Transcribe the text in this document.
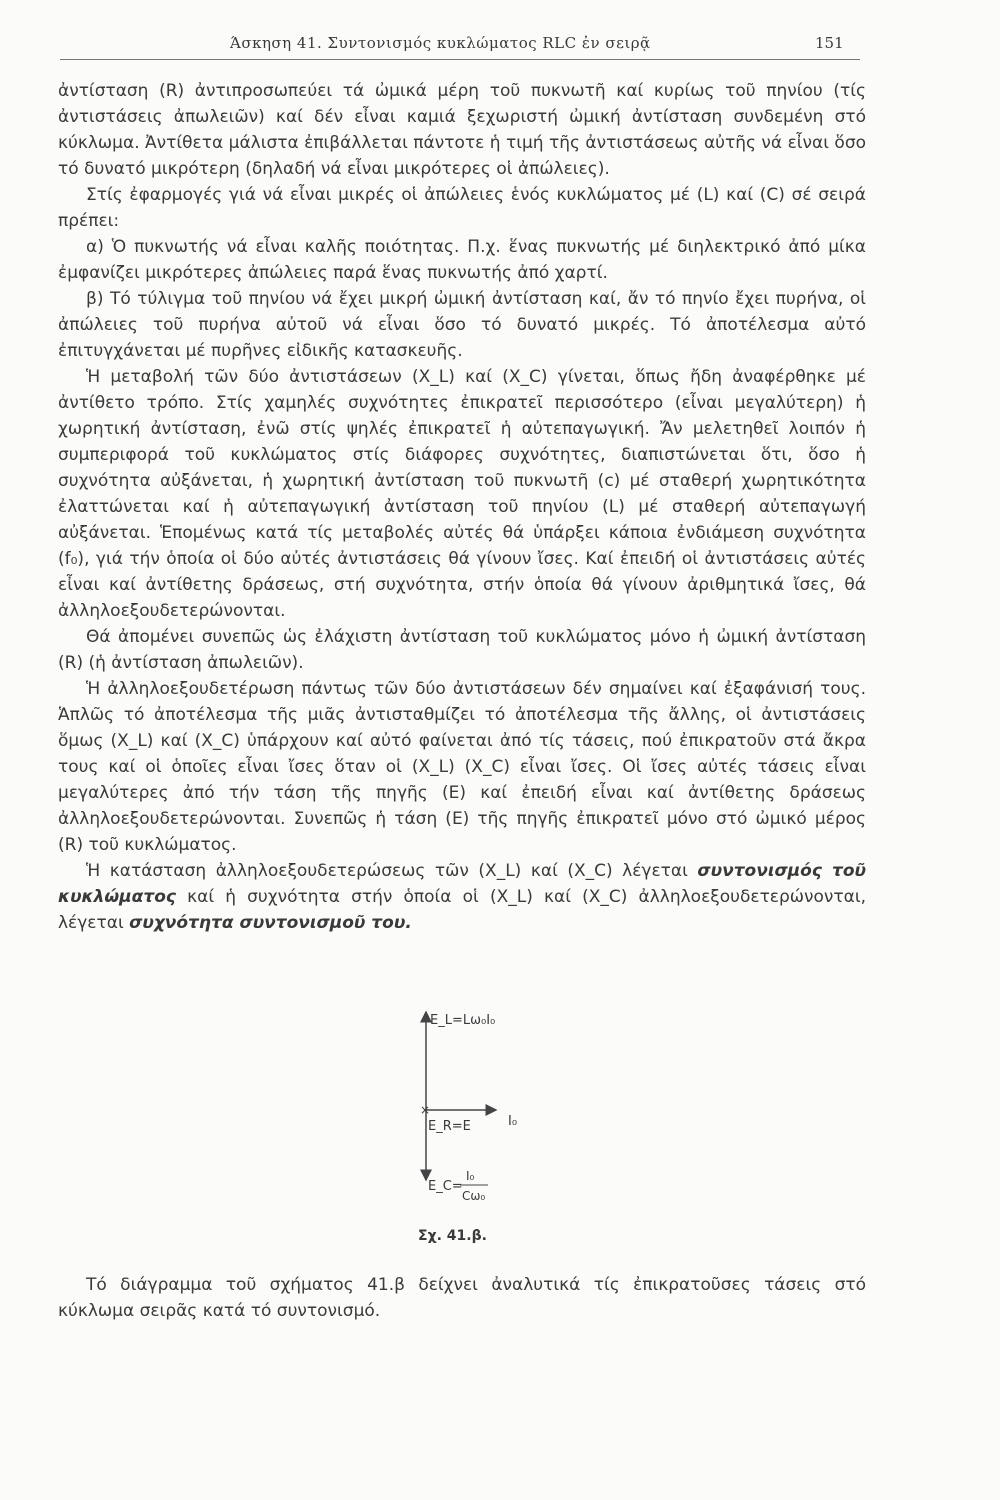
Άσκηση 41. Συντονισμός κυκλώματος RLC ἐν σειρᾷ	151

ἀντίσταση (R) ἀντιπροσωπεύει τά ὠμικά μέρη τοῦ πυκνωτῆ καί κυρίως τοῦ πηνίου (τίς ἀντιστάσεις ἀπωλειῶν) καί δέν εἶναι καμιά ξεχωριστή ὠμική ἀντίσταση συνδεμένη στό κύκλωμα. Ἀντίθετα μάλιστα ἐπιβάλλεται πάντοτε ἡ τιμή τῆς ἀντιστάσεως αὐτῆς νά εἶναι ὅσο τό δυνατό μικρότερη (δηλαδή νά εἶναι μικρότερες οἱ ἀπώλειες).

Στίς ἐφαρμογές γιά νά εἶναι μικρές οἱ ἀπώλειες ἑνός κυκλώματος μέ (L) καί (C) σέ σειρά πρέπει:

α) Ὁ πυκνωτής νά εἶναι καλῆς ποιότητας. Π.χ. ἕνας πυκνωτής μέ διηλεκτρικό ἀπό μίκα ἐμφανίζει μικρότερες ἀπώλειες παρά ἕνας πυκνωτής ἀπό χαρτί.

β) Τό τύλιγμα τοῦ πηνίου νά ἔχει μικρή ὠμική ἀντίσταση καί, ἄν τό πηνίο ἔχει πυρήνα, οἱ ἀπώλειες τοῦ πυρήνα αὐτοῦ νά εἶναι ὅσο τό δυνατό μικρές. Τό ἀποτέλεσμα αὐτό ἐπιτυγχάνεται μέ πυρῆνες εἰδικῆς κατασκευῆς.

Ἡ μεταβολή τῶν δύο ἀντιστάσεων (X_L) καί (X_C) γίνεται, ὅπως ἤδη ἀναφέρθηκε μέ ἀντίθετο τρόπο. Στίς χαμηλές συχνότητες ἐπικρατεῖ περισσότερο (εἶναι μεγαλύτερη) ἡ χωρητική ἀντίσταση, ἐνῶ στίς ψηλές ἐπικρατεῖ ἡ αὐτεπαγωγική. Ἄν μελετηθεῖ λοιπόν ἡ συμπεριφορά τοῦ κυκλώματος στίς διάφορες συχνότητες, διαπιστώνεται ὅτι, ὅσο ἡ συχνότητα αὐξάνεται, ἡ χωρητική ἀντίσταση τοῦ πυκνωτῆ (c) μέ σταθερή χωρητικότητα ἐλαττώνεται καί ἡ αὐτεπαγωγική ἀντίσταση τοῦ πηνίου (L) μέ σταθερή αὐτεπαγωγή αὐξάνεται. Ἑπομένως κατά τίς μεταβολές αὐτές θά ὑπάρξει κάποια ἐνδιάμεση συχνότητα (f₀), γιά τήν ὁποία οἱ δύο αὐτές ἀντιστάσεις θά γίνουν ἴσες. Καί ἐπειδή οἱ ἀντιστάσεις αὐτές εἶναι καί ἀντίθετης δράσεως, στή συχνότητα, στήν ὁποία θά γίνουν ἀριθμητικά ἴσες, θά ἀλληλοεξουδετερώνονται.

Θά ἀπομένει συνεπῶς ὡς ἐλάχιστη ἀντίσταση τοῦ κυκλώματος μόνο ἡ ὠμική ἀντίσταση (R) (ἡ ἀντίσταση ἀπωλειῶν).

Ἡ ἀλληλοεξουδετέρωση πάντως τῶν δύο ἀντιστάσεων δέν σημαίνει καί ἐξαφάνισή τους. Ἁπλῶς τό ἀποτέλεσμα τῆς μιᾶς ἀντισταθμίζει τό ἀποτέλεσμα τῆς ἄλλης, οἱ ἀντιστάσεις ὅμως (X_L) καί (X_C) ὑπάρχουν καί αὐτό φαίνεται ἀπό τίς τάσεις, πού ἐπικρατοῦν στά ἄκρα τους καί οἱ ὁποῖες εἶναι ἴσες ὅταν οἱ (X_L) (X_C) εἶναι ἴσες. Οἱ ἴσες αὐτές τάσεις εἶναι μεγαλύτερες ἀπό τήν τάση τῆς πηγῆς (E) καί ἐπειδή εἶναι καί ἀντίθετης δράσεως ἀλληλοεξουδετερώνονται. Συνεπῶς ἡ τάση (E) τῆς πηγῆς ἐπικρατεῖ μόνο στό ὠμικό μέρος (R) τοῦ κυκλώματος.

Ἡ κατάσταση ἀλληλοεξουδετερώσεως τῶν (X_L) καί (X_C) λέγεται συντονισμός τοῦ κυκλώματος καί ἡ συχνότητα στήν ὁποία οἱ (X_L) καί (X_C) ἀλληλοεξουδετερώνονται, λέγεται συχνότητα συντονισμοῦ του.

×
E_L=Lω₀I₀
E_R=E	I₀
E_C=
I₀
Cω₀
Σχ. 41.β.

Τό διάγραμμα τοῦ σχήματος 41.β δείχνει ἀναλυτικά τίς ἐπικρατοῦσες τάσεις στό κύκλωμα σειρᾶς κατά τό συντονισμό.
